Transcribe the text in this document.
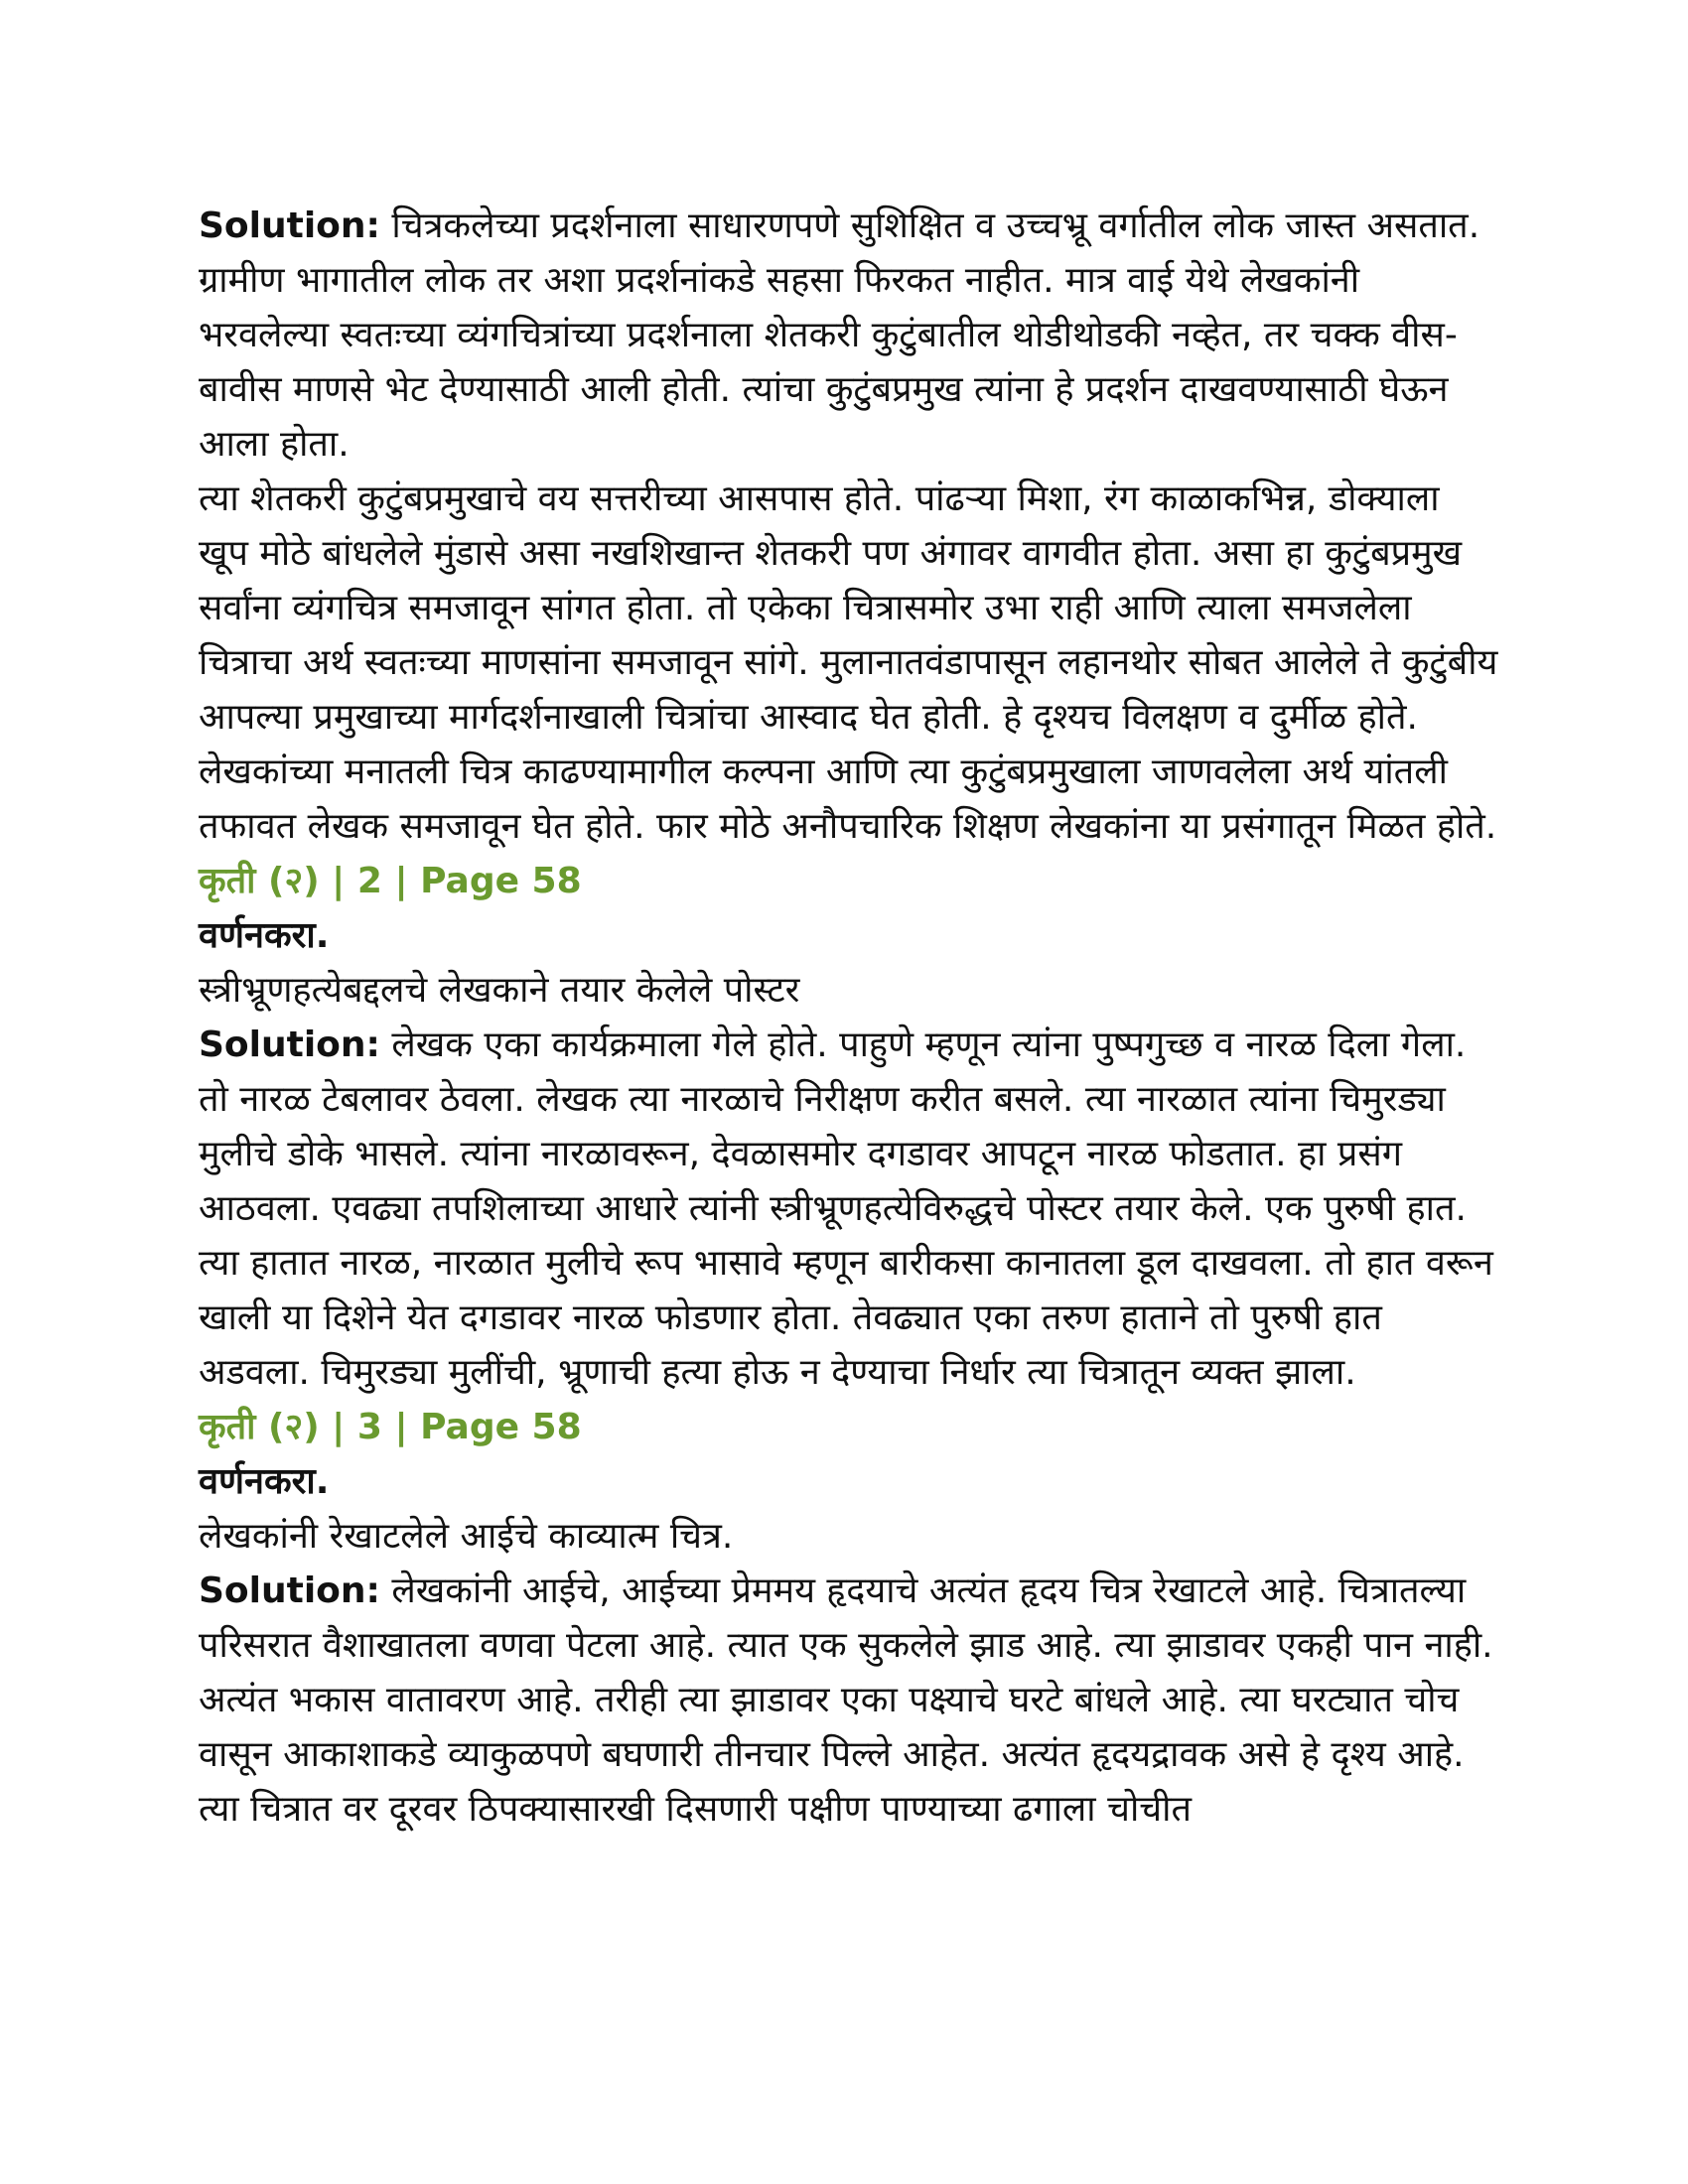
Solution: चित्रकलेच्या प्रदर्शनाला साधारणपणे सुशिक्षित व उच्चभ्रू वर्गातील लोक जास्त असतात. ग्रामीण भागातील लोक तर अशा प्रदर्शनांकडे सहसा फिरकत नाहीत. मात्र वाई येथे लेखकांनी भरवलेल्या स्वतःच्या व्यंगचित्रांच्या प्रदर्शनाला शेतकरी कुटुंबातील थोडीथोडकी नव्हेत, तर चक्क वीस-बावीस माणसे भेट देण्यासाठी आली होती. त्यांचा कुटुंबप्रमुख त्यांना हे प्रदर्शन दाखवण्यासाठी घेऊन आला होता.

त्या शेतकरी कुटुंबप्रमुखाचे वय सत्तरीच्या आसपास होते. पांढऱ्या मिशा, रंग काळाकभिन्न, डोक्याला खूप मोठे बांधलेले मुंडासे असा नखशिखान्त शेतकरी पण अंगावर वागवीत होता. असा हा कुटुंबप्रमुख सर्वांना व्यंगचित्र समजावून सांगत होता. तो एकेका चित्रासमोर उभा राही आणि त्याला समजलेला चित्राचा अर्थ स्वतःच्या माणसांना समजावून सांगे. मुलानातवंडापासून लहानथोर सोबत आलेले ते कुटुंबीय आपल्या प्रमुखाच्या मार्गदर्शनाखाली चित्रांचा आस्वाद घेत होती. हे दृश्यच विलक्षण व दुर्मीळ होते. लेखकांच्या मनातली चित्र काढण्यामागील कल्पना आणि त्या कुटुंबप्रमुखाला जाणवलेला अर्थ यांतली तफावत लेखक समजावून घेत होते. फार मोठे अनौपचारिक शिक्षण लेखकांना या प्रसंगातून मिळत होते.

कृती (२) | 2 | Page 58

वर्णनकरा.

स्त्रीभ्रूणहत्येबद्दलचे लेखकाने तयार केलेले पोस्टर

Solution: लेखक एका कार्यक्रमाला गेले होते. पाहुणे म्हणून त्यांना पुष्पगुच्छ व नारळ दिला गेला. तो नारळ टेबलावर ठेवला. लेखक त्या नारळाचे निरीक्षण करीत बसले. त्या नारळात त्यांना चिमुरड्या मुलीचे डोके भासले. त्यांना नारळावरून, देवळासमोर दगडावर आपटून नारळ फोडतात. हा प्रसंग आठवला. एवढ्या तपशिलाच्या आधारे त्यांनी स्त्रीभ्रूणहत्येविरुद्धचे पोस्टर तयार केले. एक पुरुषी हात. त्या हातात नारळ, नारळात मुलीचे रूप भासावे म्हणून बारीकसा कानातला डूल दाखवला. तो हात वरून खाली या दिशेने येत दगडावर नारळ फोडणार होता. तेवढ्यात एका तरुण हाताने तो पुरुषी हात अडवला. चिमुरड्या मुलींची, भ्रूणाची हत्या होऊ न देण्याचा निर्धार त्या चित्रातून व्यक्त झाला.

कृती (२) | 3 | Page 58

वर्णनकरा.

लेखकांनी रेखाटलेले आईचे काव्यात्म चित्र.

Solution: लेखकांनी आईचे, आईच्या प्रेममय हृदयाचे अत्यंत हृदय चित्र रेखाटले आहे. चित्रातल्या परिसरात वैशाखातला वणवा पेटला आहे. त्यात एक सुकलेले झाड आहे. त्या झाडावर एकही पान नाही. अत्यंत भकास वातावरण आहे. तरीही त्या झाडावर एका पक्ष्याचे घरटे बांधले आहे. त्या घरट्यात चोच वासून आकाशाकडे व्याकुळपणे बघणारी तीनचार पिल्ले आहेत. अत्यंत हृदयद्रावक असे हे दृश्य आहे. त्या चित्रात वर दूरवर ठिपक्यासारखी दिसणारी पक्षीण पाण्याच्या ढगाला चोचीत
